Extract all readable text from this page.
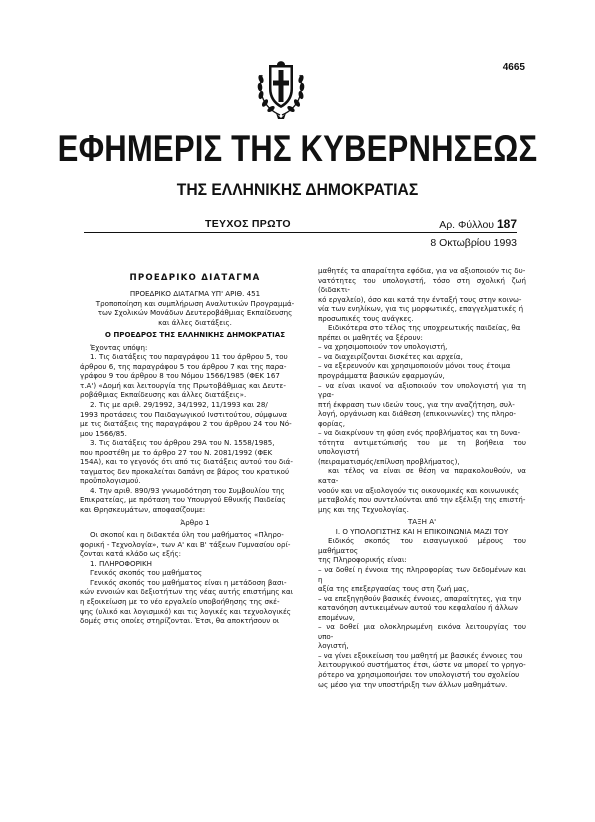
4665
ΕΦΗΜΕΡΙΣ ΤΗΣ ΚΥΒΕΡΝΗΣΕΩΣ
ΤΗΣ ΕΛΛΗΝΙΚΗΣ ΔΗΜΟΚΡΑΤΙΑΣ
ΤΕΥΧΟΣ ΠΡΩΤΟ	Αρ. Φύλλου 187
8 Οκτωβρίου 1993

ΠΡΟΕΔΡΙΚΟ ΔΙΑΤΑΓΜΑ

ΠΡΟΕΔΡΙΚΟ ΔΙΑΤΑΓΜΑ ΥΠ' ΑΡΙΘ. 451

Τροποποίηση και συμπλήρωση Αναλυτικών Προγραμμά-

των Σχολικών Μονάδων Δευτεροβάθμιας Εκπαίδευσης

και άλλες διατάξεις.

Ο ΠΡΟΕΔΡΟΣ ΤΗΣ ΕΛΛΗΝΙΚΗΣ ΔΗΜΟΚΡΑΤΙΑΣ

Έχοντας υπόψη:

1. Τις διατάξεις του παραγράφου 11 του άρθρου 5, του

άρθρου 6, της παραγράφου 5 του άρθρου 7 και της παρα-

γράφου 9 του άρθρου 8 του Νόμου 1566/1985 (ΦΕΚ 167

τ.Α') «Δομή και λειτουργία της Πρωτοβάθμιας και Δευτε-

ροβάθμιας Εκπαίδευσης και άλλες διατάξεις».

2. Τις με αριθ. 29/1992, 34/1992, 11/1993 και 28/

1993 προτάσεις του Παιδαγωγικού Ινστιτούτου, σύμφωνα

με τις διατάξεις της παραγράφου 2 του άρθρου 24 του Νό-

μου 1566/85.

3. Τις διατάξεις του άρθρου 29Α του Ν. 1558/1985,

που προστέθη με το άρθρο 27 του Ν. 2081/1992 (ΦΕΚ

154Α), και το γεγονός ότι από τις διατάξεις αυτού του διά-

ταγματος δεν προκαλείται δαπάνη σε βάρος του κρατικού

προϋπολογισμού.

4. Την αριθ. 890/93 γνωμοδότηση του Συμβουλίου της

Επικρατείας, με πρόταση του Υπουργού Εθνικής Παιδείας

και Θρησκευμάτων, αποφασίζουμε:

Άρθρο 1

Οι σκοποί και η διδακτέα ύλη του μαθήματος «Πληρο-

φορική - Τεχνολογία», των Α' και Β' τάξεων Γυμνασίου ορί-

ζονται κατά κλάδο ως εξής:

1. ΠΛΗΡΟΦΟΡΙΚΗ

Γενικός σκοπός του μαθήματος

Γενικός σκοπός του μαθήματος είναι η μετάδοση βασι-

κών εννοιών και δεξιοτήτων της νέας αυτής επιστήμης και

η εξοικείωση με το νέο εργαλείο υποβοήθησης της σκέ-

ψης (υλικό και λογισμικό) και τις λογικές και τεχνολογικές

δομές στις οποίες στηρίζονται. Έτσι, θα αποκτήσουν οι

μαθητές τα απαραίτητα εφόδια, για να αξιοποιούν τις δυ-

νατότητες του υπολογιστή, τόσο στη σχολική ζωή (διδακτι-

κό εργαλείο), όσο και κατά την ένταξή τους στην κοινω-

νία των ενηλίκων, για τις μορφωτικές, επαγγελματικές ή

προσωπικές τους ανάγκες.

Ειδικότερα στο τέλος της υποχρεωτικής παιδείας, θα

πρέπει οι μαθητές να ξέρουν:

– να χρησιμοποιούν τον υπολογιστή,

– να διαχειρίζονται δισκέτες και αρχεία,

– να εξερευνούν και χρησιμοποιούν μόνοι τους έτοιμα

προγράμματα βασικών εφαρμογών,

– να είναι ικανοί να αξιοποιούν τον υπολογιστή για τη γρα-

πτή έκφραση των ιδεών τους, για την αναζήτηση, συλ-

λογή, οργάνωση και διάθεση (επικοινωνίες) της πληρο-

φορίας,

– να διακρίνουν τη φύση ενός προβλήματος και τη δυνα-

τότητα αντιμετώπισής του με τη βοήθεια του υπολογιστή

(πειραματισμός/επίλυση προβλήματος),

και τέλος να είναι σε θέση να παρακολουθούν, να κατα-

νοούν και να αξιολογούν τις οικονομικές και κοινωνικές

μεταβολές που συντελούνται από την εξέλιξη της επιστή-

μης και της Τεχνολογίας.

ΤΑΞΗ Α'

Ι. Ο ΥΠΟΛΟΓΙΣΤΗΣ ΚΑΙ Η ΕΠΙΚΟΙΝΩΝΙΑ ΜΑΖΙ ΤΟΥ

Ειδικός σκοπός του εισαγωγικού μέρους του μαθήματος

της Πληροφορικής είναι:

– να δοθεί η έννοια της πληροφορίας των δεδομένων και η

αξία της επεξεργασίας τους στη ζωή μας,

– να επεξηγηθούν βασικές έννοιες, απαραίτητες, για την

κατανόηση αντικειμένων αυτού του κεφαλαίου ή άλλων

επομένων,

– να δοθεί μια ολοκληρωμένη εικόνα λειτουργίας του υπο-

λογιστή,

– να γίνει εξοικείωση του μαθητή με βασικές έννοιες του

λειτουργικού συστήματος έτσι, ώστε να μπορεί το γρηγο-

ρότερο να χρησιμοποιήσει τον υπολογιστή του σχολείου

ως μέσο για την υποστήριξη των άλλων μαθημάτων.
